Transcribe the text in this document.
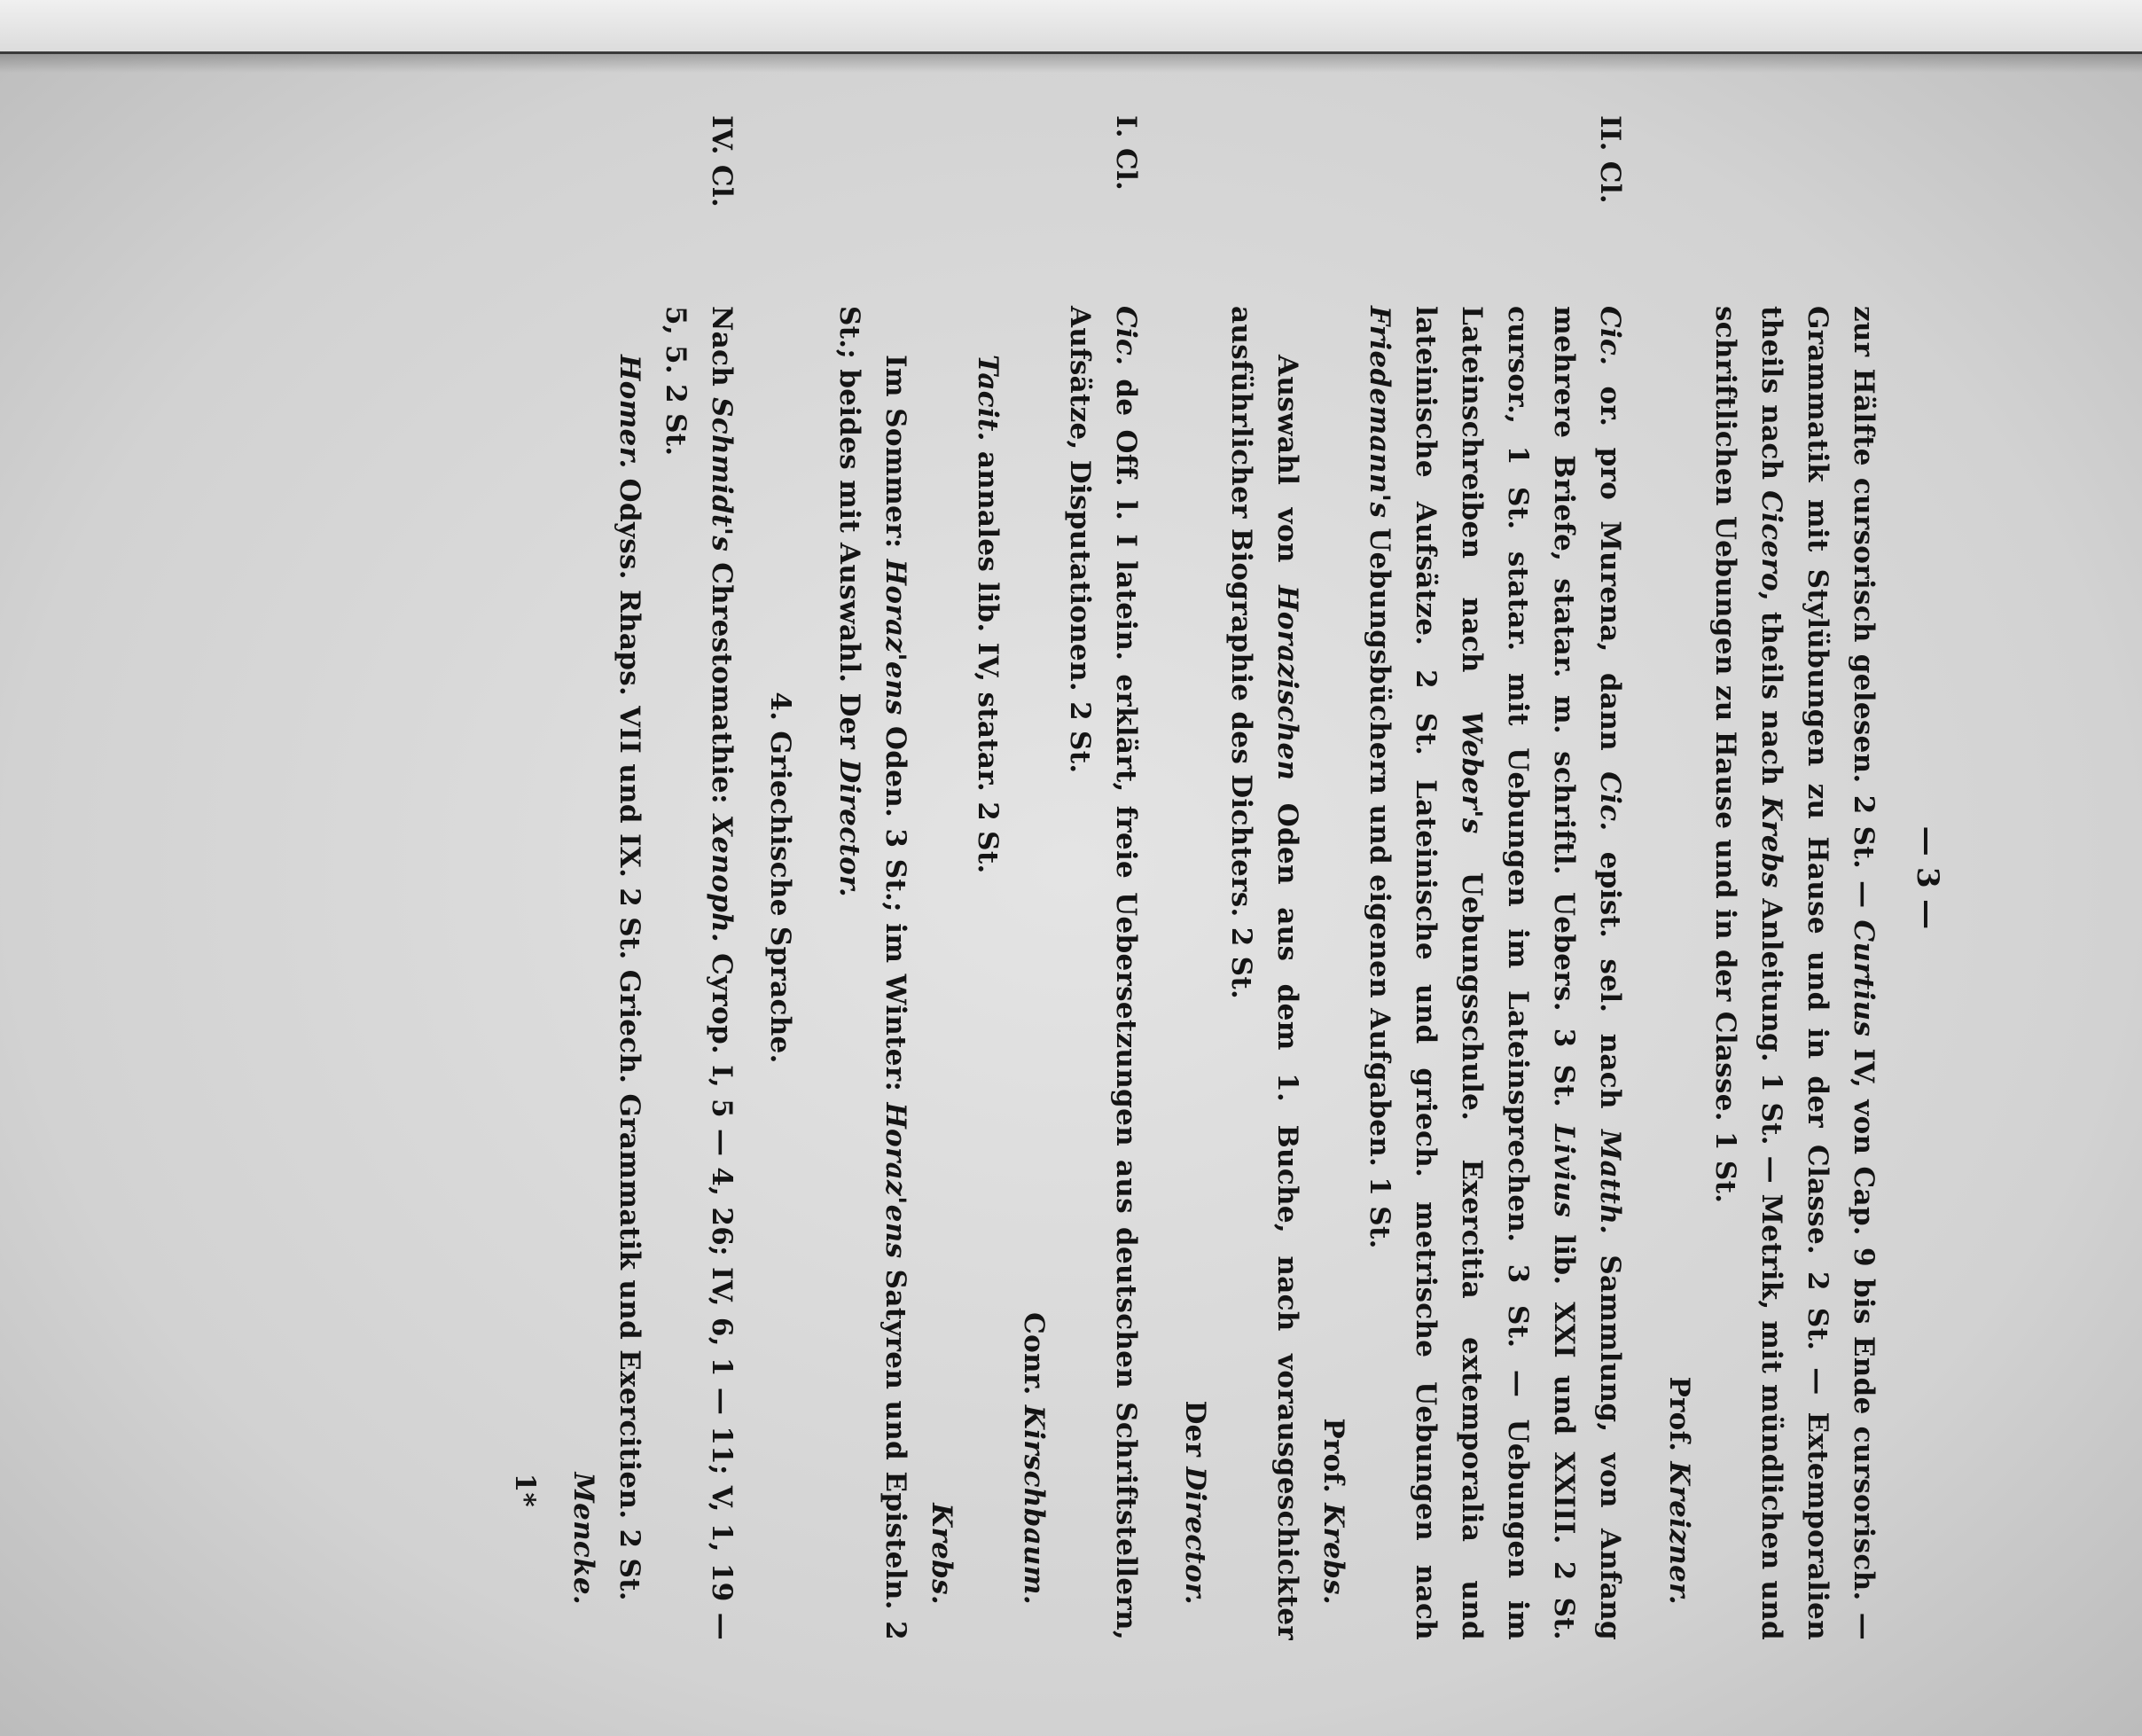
— 3 —

zur Hälfte cursorisch gelesen. 2 St. — Curtius IV, von Cap. 9 bis Ende cursorisch. — Grammatik mit Stylübungen zu Hause und in der Classe. 2 St. — Extemporalien theils nach Cicero, theils nach Krebs Anleitung. 1 St. — Metrik, mit mündlichen und schriftlichen Uebungen zu Hause und in der Classe. 1 St.

Prof. Kreizner.

II. Cl.

Cic. or. pro Murena, dann Cic. epist. sel. nach Matth. Sammlung, von Anfang mehrere Briefe, statar. m. schriftl. Uebers. 3 St. Livius lib. XXI und XXIII. 2 St. cursor., 1 St. statar. mit Uebungen im Lateinsprechen. 3 St. — Uebungen im Lateinschreiben nach Weber's Uebungsschule. Exercitia extemporalia und lateinische Aufsätze. 2 St. Lateinische und griech. metrische Uebungen nach Friedemann's Uebungsbüchern und eigenen Aufgaben. 1 St.

Prof. Krebs.

Auswahl von Horazischen Oden aus dem 1. Buche, nach vorausgeschickter ausführlicher Biographie des Dichters. 2 St.

Der Director.

I. Cl.

Cic. de Off. l. I latein. erklärt, freie Uebersetzungen aus deutschen Schriftstellern, Aufsätze, Disputationen. 2 St.

Conr. Kirschbaum.

Tacit. annales lib. IV, statar. 2 St.

Krebs.

Im Sommer: Horaz'ens Oden. 3 St.; im Winter: Horaz'ens Satyren und Episteln. 2 St.; beides mit Auswahl. Der Director.

4. Griechische Sprache.
IV. Cl.

Nach Schmidt's Chrestomathie: Xenoph. Cyrop. I, 5 — 4, 26; IV, 6, 1 — 11; V, 1, 19 — 5, 5. 2 St.

Homer. Odyss. Rhaps. VII und IX. 2 St. Griech. Grammatik und Exercitien. 2 St.

Mencke.

1*
